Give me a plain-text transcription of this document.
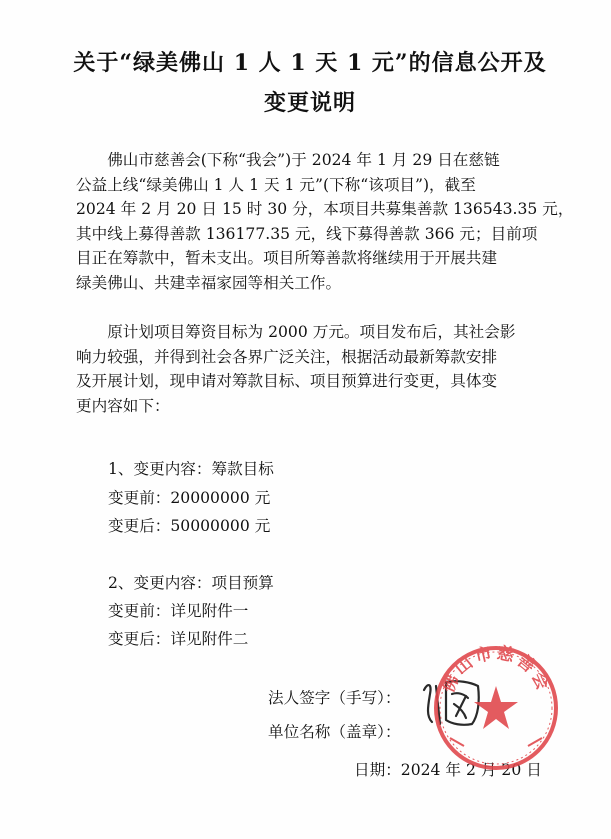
关于“绿美佛山 1 人 1 天 1 元”的信息公开及
变更说明
　　佛山市慈善会(下称“我会”)于 2024 年 1 月 29 日在慈链
公益上线“绿美佛山 1 人 1 天 1 元”(下称“该项目”)，截至
2024 年 2 月 20 日 15 时 30 分，本项目共募集善款 136543.35 元，
其中线上募得善款 136177.35 元，线下募得善款 366 元；目前项
目正在筹款中，暂未支出。项目所筹善款将继续用于开展共建
绿美佛山、共建幸福家园等相关工作。
　　原计划项目筹资目标为 2000 万元。项目发布后，其社会影
响力较强，并得到社会各界广泛关注，根据活动最新筹款安排
及开展计划，现申请对筹款目标、项目预算进行变更，具体变
更内容如下：
1、变更内容：筹款目标
变更前：20000000 元
变更后：50000000 元
2、变更内容：项目预算
变更前：详见附件一
变更后：详见附件二
法人签字（手写）：
单位名称（盖章）：
日期：2024 年 2 月 20 日
佛山市慈善会
